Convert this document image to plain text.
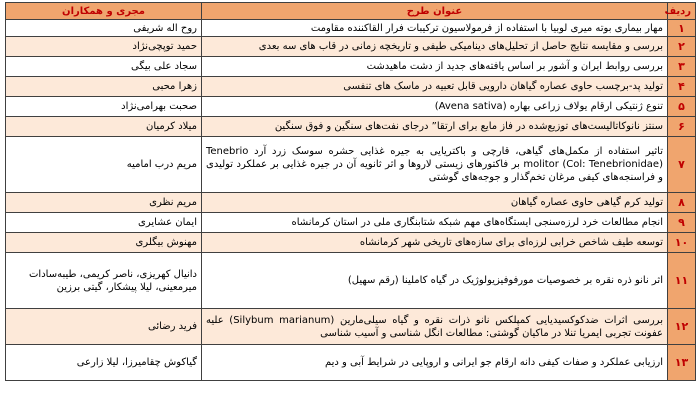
ردیف	عنوان طرح	مجری و همکاران
۱	مهار بیماری بوته میری لوبیا با استفاده از فرمولاسیون ترکیبات فرار القاکننده مقاومت	روح اله شریفی
۲	بررسی و مقایسه نتایج حاصل از تحلیل‌های دینامیکی طیفی و تاریخچه زمانی در قاب های سه بعدی	حمید توپچی‌نژاد
۳	بررسی روابط ایران و آشور بر اساس یافته‌های جدید از دشت ماهیدشت	سجاد علی بیگی
۴	تولید پد-برچسب حاوی عصاره گیاهان دارویی قابل تعبیه در ماسک های تنفسی	زهرا محبی
۵	تنوع ژنتیکی ارقام یولاف زراعی بهاره (Avena sativa)	صحبت بهرامی‌نژاد
۶	سنتز نانوکاتالیست‌های توزیع‌شده در فاز مایع برای ارتقا” درجای نفت‌های سنگین و فوق سنگین	میلاد کرمیان
۷	تاثیر استفاده از مکمل‌های گیاهی، قارچی و باکتریایی به جیره غذایی حشره سوسک زرد آرد Tenebrio molitor (Col: Tenebrionidae) بر فاکتورهای زیستی لاروها و اثر ثانویه آن در جیره غذایی بر عملکرد تولیدی و فراسنجه‌های کیفی مرغان تخم‌گذار و جوجه‌های گوشتی	مریم درب امامیه
۸	تولید کرم گیاهی حاوی عصاره گیاهان	مریم نظری
۹	انجام مطالعات خرد لرزه‌سنجی ایستگاه‌های مهم شبکه شتابنگاری ملی در استان کرمانشاه	ایمان عشایری
۱۰	توسعه طیف شاخص خرابی لرزه‌ای برای سازه‌های تاریخی شهر کرمانشاه	مهنوش بیگلری
۱۱	اثر نانو ذره نقره بر خصوصیات مورفوفیزیولوژیک در گیاه کاملینا (رقم سهیل)	دانیال کهریزی، ناصر کریمی، طیبه‌سادات میرمعینی، لیلا پیشکار، گیتی برزین
۱۲	بررسی اثرات ضدکوکسیدیایی کمپلکس نانو ذرات نقره و گیاه سیلی‌مارین (Silybum marianum) علیه عفونت تجربی ایمریا تنلا در ماکیان گوشتی: مطالعات انگل شناسی و آسیب شناسی	فرید رضائی
۱۳	ارزیابی عملکرد و صفات کیفی دانه ارقام جو ایرانی و اروپایی در شرایط آبی و دیم	گیاکوش چقامیرزا، لیلا زارعی
